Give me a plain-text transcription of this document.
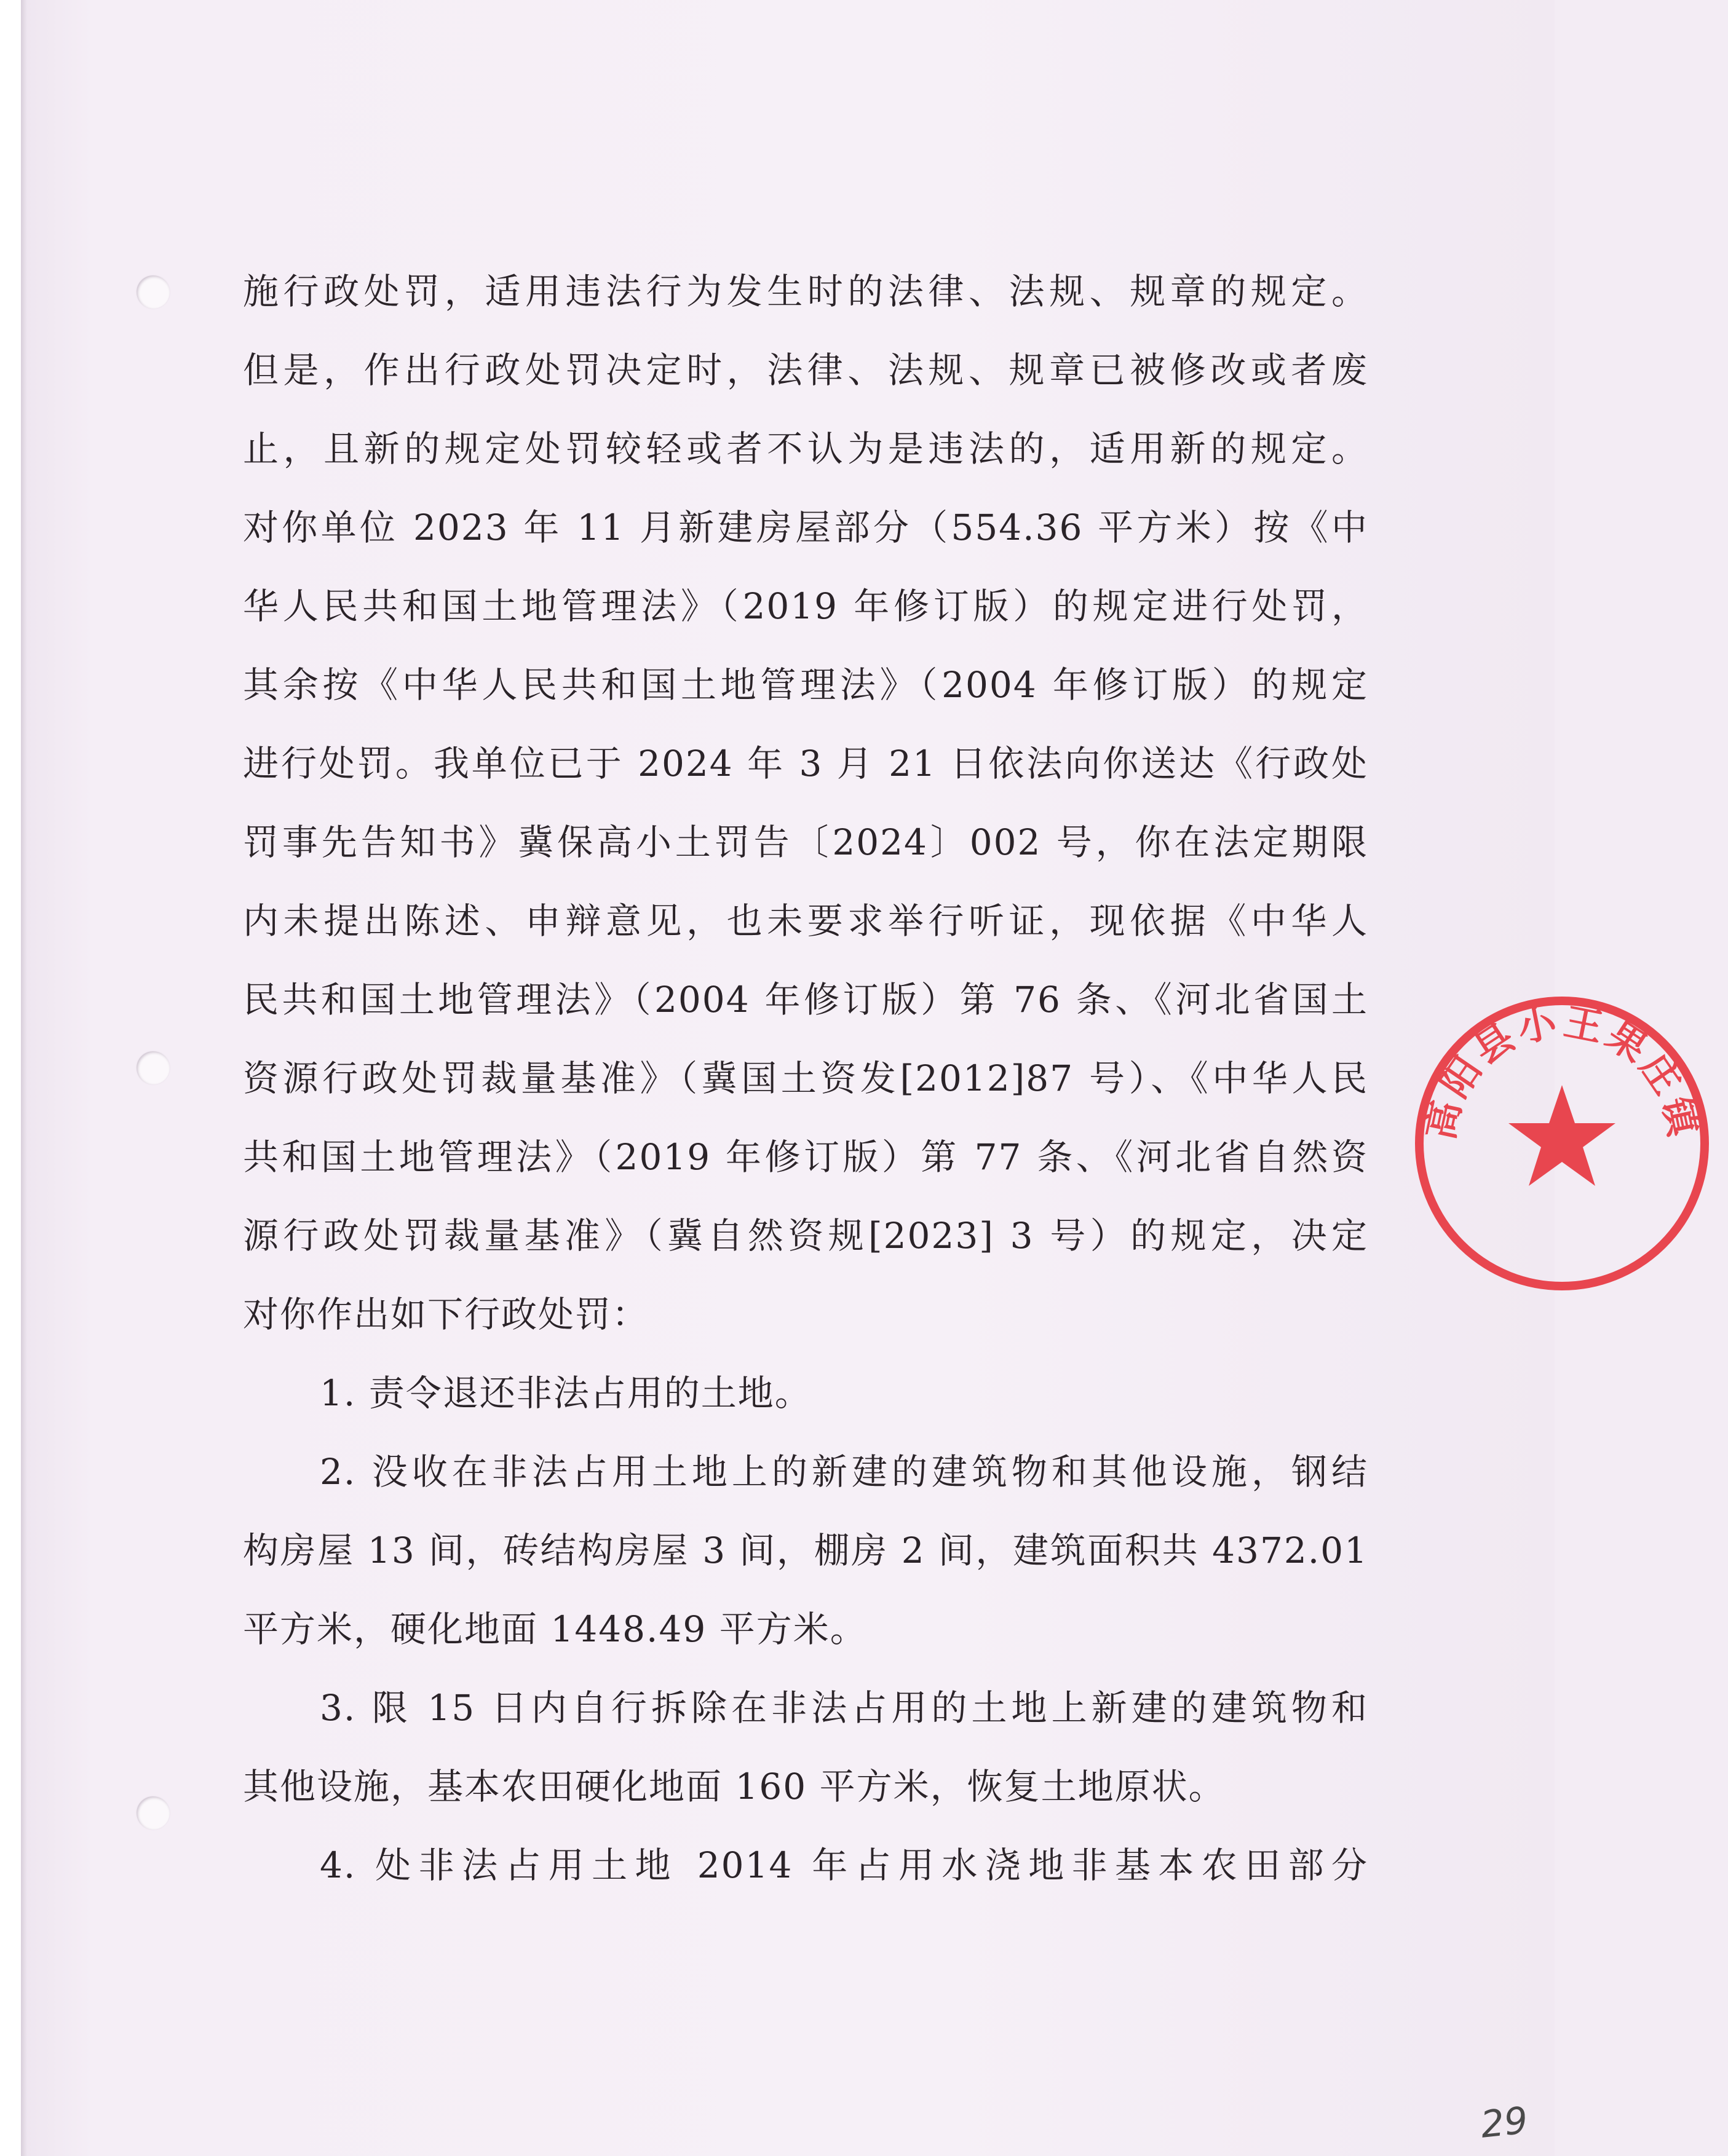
施行政处罚，适用违法行为发生时的法律、法规、规章的规定。
但是，作出行政处罚决定时，法律、法规、规章已被修改或者废
止，且新的规定处罚较轻或者不认为是违法的，适用新的规定。
对你单位 2023 年 11 月新建房屋部分（554.36 平方米）按《中
华人民共和国土地管理法》（2019 年修订版）的规定进行处罚，
其余按《中华人民共和国土地管理法》（2004 年修订版）的规定
进行处罚。我单位已于 2024 年 3 月 21 日依法向你送达《行政处
罚事先告知书》冀保高小土罚告〔2024〕002 号，你在法定期限
内未提出陈述、申辩意见，也未要求举行听证，现依据《中华人
民共和国土地管理法》（2004 年修订版）第 76 条、《河北省国土
资源行政处罚裁量基准》（冀国土资发[2012]87 号）、《中华人民
共和国土地管理法》（2019 年修订版）第 77 条、《河北省自然资
源行政处罚裁量基准》（冀自然资规[2023] 3 号）的规定，决定
对你作出如下行政处罚：
1. 责令退还非法占用的土地。
2. 没收在非法占用土地上的新建的建筑物和其他设施，钢结
构房屋 13 间，砖结构房屋 3 间，棚房 2 间，建筑面积共 4372.01
平方米，硬化地面 1448.49 平方米。
3. 限 15 日内自行拆除在非法占用的土地上新建的建筑物和
其他设施，基本农田硬化地面 160 平方米，恢复土地原状。
4. 处非法占用土地 2014 年占用水浇地非基本农田部分
高阳县小王果庄镇
29
